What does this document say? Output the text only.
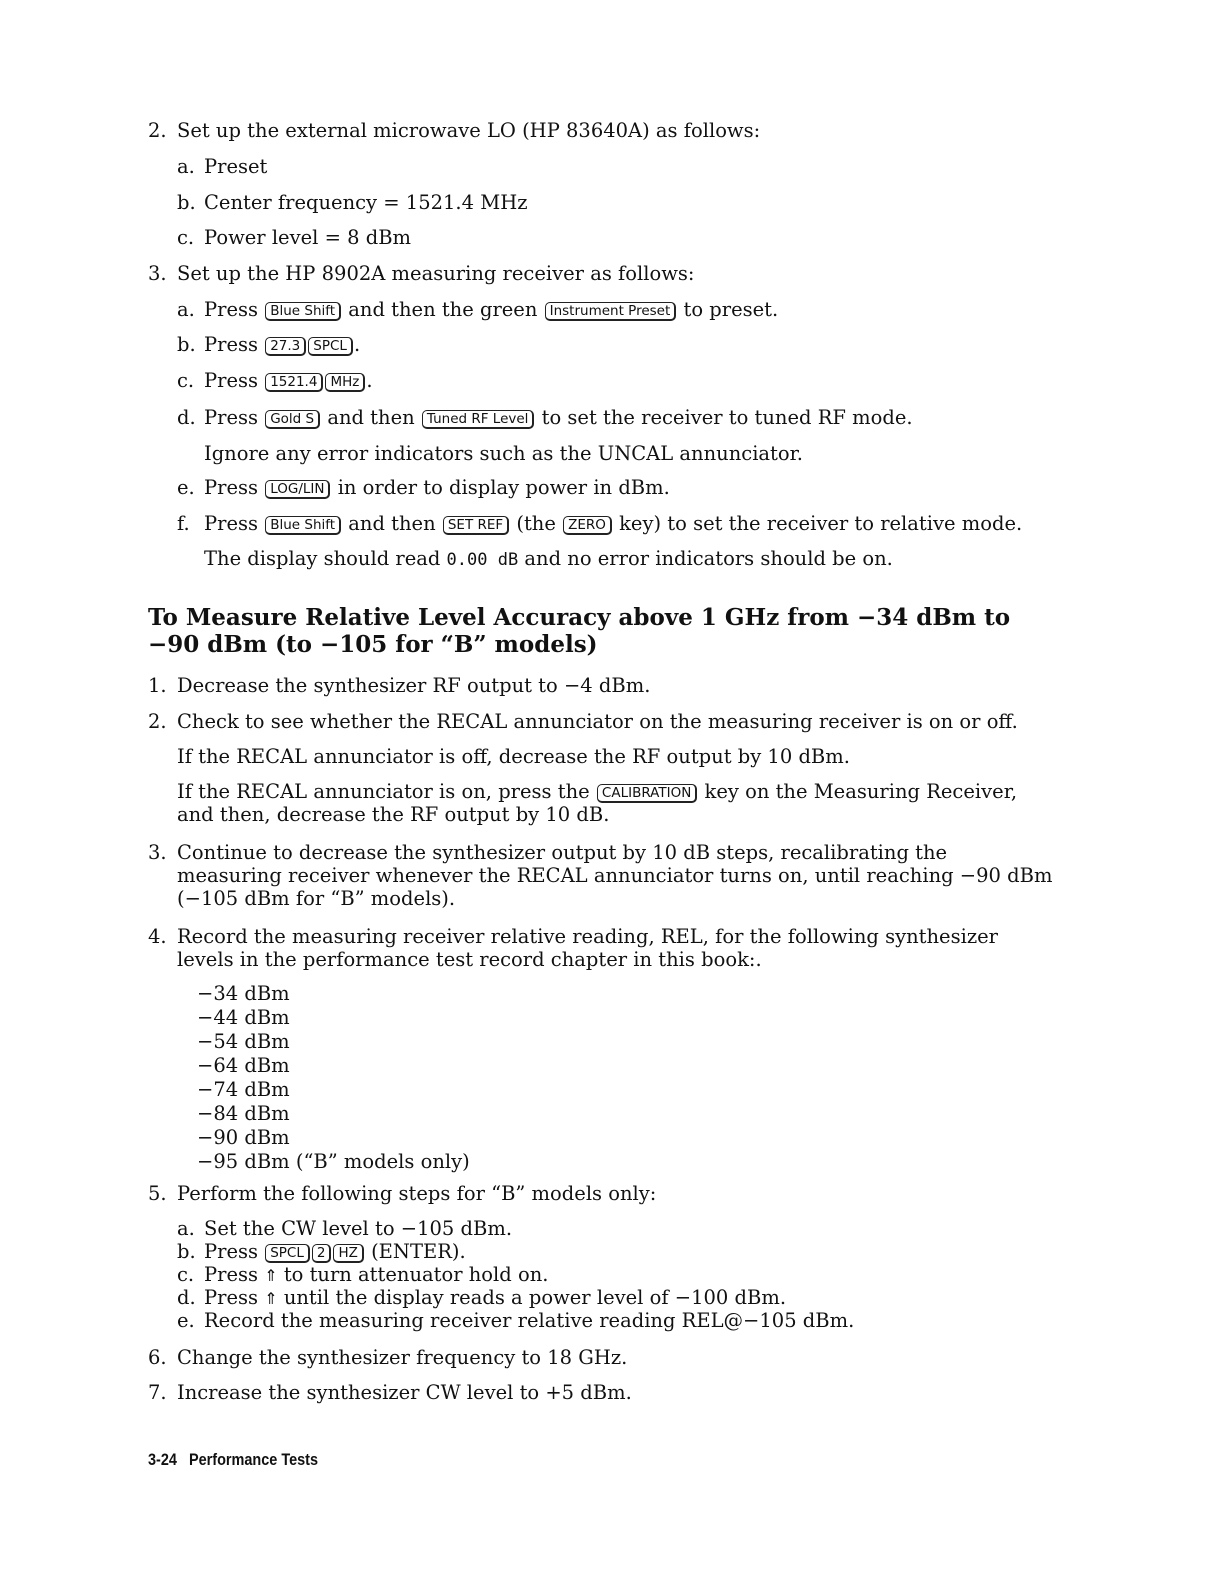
2. Set up the external microwave LO (HP 83640A) as follows:
a. Preset
b. Center frequency = 1521.4 MHz
c. Power level = 8 dBm
3. Set up the HP 8902A measuring receiver as follows:
a. Press Blue Shift and then the green Instrument Preset to preset.
b. Press 27.3 SPCL .
c. Press 1521.4 MHz .
d. Press Gold S and then Tuned RF Level to set the receiver to tuned RF mode.
Ignore any error indicators such as the UNCAL annunciator.
e. Press LOG/LIN in order to display power in dBm.
f. Press Blue Shift and then SET REF (the ZERO key) to set the receiver to relative mode.
The display should read 0.00 dB and no error indicators should be on.
To Measure Relative Level Accuracy above 1 GHz from −34 dBm to
−90 dBm (to −105 for “B” models)
1. Decrease the synthesizer RF output to −4 dBm.
2. Check to see whether the RECAL annunciator on the measuring receiver is on or off.
If the RECAL annunciator is off, decrease the RF output by 10 dBm.
If the RECAL annunciator is on, press the CALIBRATION key on the Measuring Receiver, and then, decrease the RF output by 10 dB.
3. Continue to decrease the synthesizer output by 10 dB steps, recalibrating the measuring receiver whenever the RECAL annunciator turns on, until reaching −90 dBm (−105 dBm for “B” models).
4. Record the measuring receiver relative reading, REL, for the following synthesizer levels in the performance test record chapter in this book:.
−34 dBm
−44 dBm
−54 dBm
−64 dBm
−74 dBm
−84 dBm
−90 dBm
−95 dBm (“B” models only)
5. Perform the following steps for “B” models only:
a. Set the CW level to −105 dBm.
b. Press SPCL 2 HZ (ENTER).
c. Press ⇑ to turn attenuator hold on.
d. Press ⇑ until the display reads a power level of −100 dBm.
e. Record the measuring receiver relative reading REL@−105 dBm.
6. Change the synthesizer frequency to 18 GHz.
7. Increase the synthesizer CW level to +5 dBm.
3-24 Performance Tests
